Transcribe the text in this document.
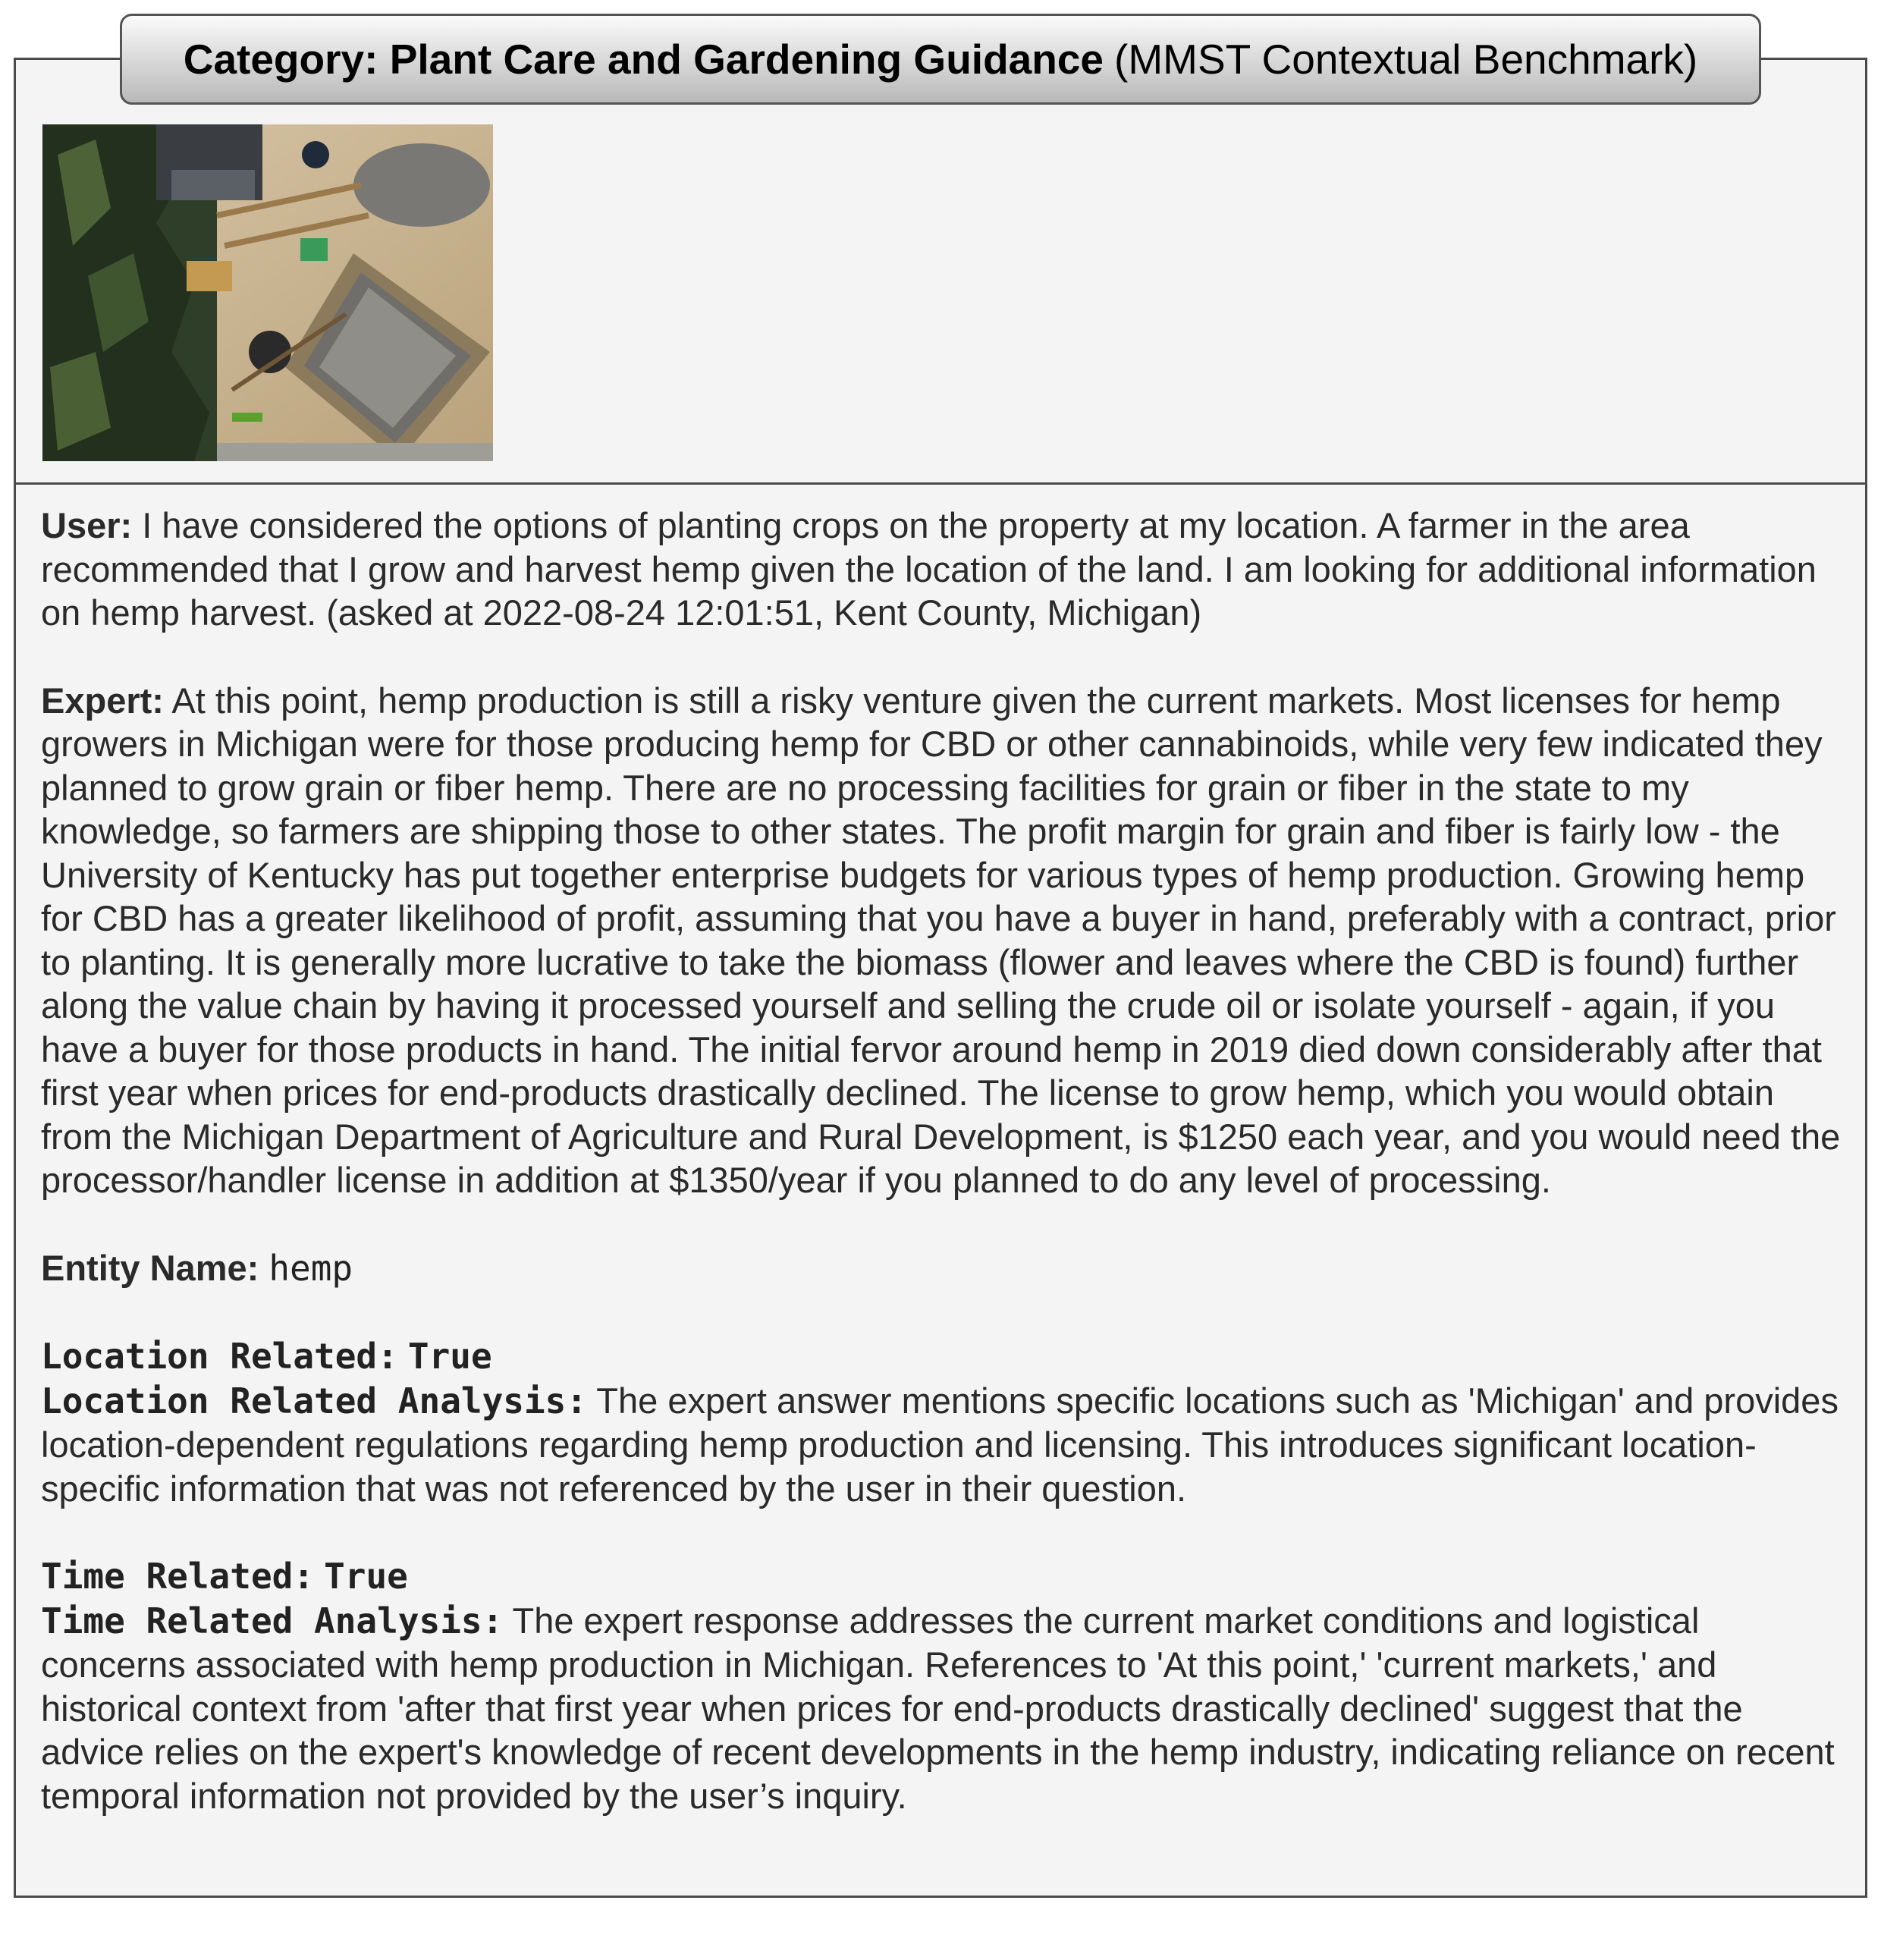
Category: Plant Care and Gardening Guidance (MMST Contextual Benchmark)

User: I have considered the options of planting crops on the property at my location. A farmer in the area recommended that I grow and harvest hemp given the location of the land. I am looking for additional information on hemp harvest. (asked at 2022-08-24 12:01:51, Kent County, Michigan)

Expert: At this point, hemp production is still a risky venture given the current markets. Most licenses for hemp growers in Michigan were for those producing hemp for CBD or other cannabinoids, while very few indicated they planned to grow grain or fiber hemp. There are no processing facilities for grain or fiber in the state to my knowledge, so farmers are shipping those to other states. The profit margin for grain and fiber is fairly low - the University of Kentucky has put together enterprise budgets for various types of hemp production. Growing hemp for CBD has a greater likelihood of profit, assuming that you have a buyer in hand, preferably with a contract, prior to planting. It is generally more lucrative to take the biomass (flower and leaves where the CBD is found) further along the value chain by having it processed yourself and selling the crude oil or isolate yourself - again, if you have a buyer for those products in hand. The initial fervor around hemp in 2019 died down considerably after that first year when prices for end-products drastically declined. The license to grow hemp, which you would obtain from the Michigan Department of Agriculture and Rural Development, is $1250 each year, and you would need the processor/handler license in addition at $1350/year if you planned to do any level of processing.

Entity Name: hemp

Location Related: True

Location Related Analysis: The expert answer mentions specific locations such as 'Michigan' and provides location-dependent regulations regarding hemp production and licensing. This introduces significant location-specific information that was not referenced by the user in their question.

Time Related: True

Time Related Analysis: The expert response addresses the current market conditions and logistical concerns associated with hemp production in Michigan. References to 'At this point,' 'current markets,' and historical context from 'after that first year when prices for end-products drastically declined' suggest that the advice relies on the expert's knowledge of recent developments in the hemp industry, indicating reliance on recent temporal information not provided by the user’s inquiry.
